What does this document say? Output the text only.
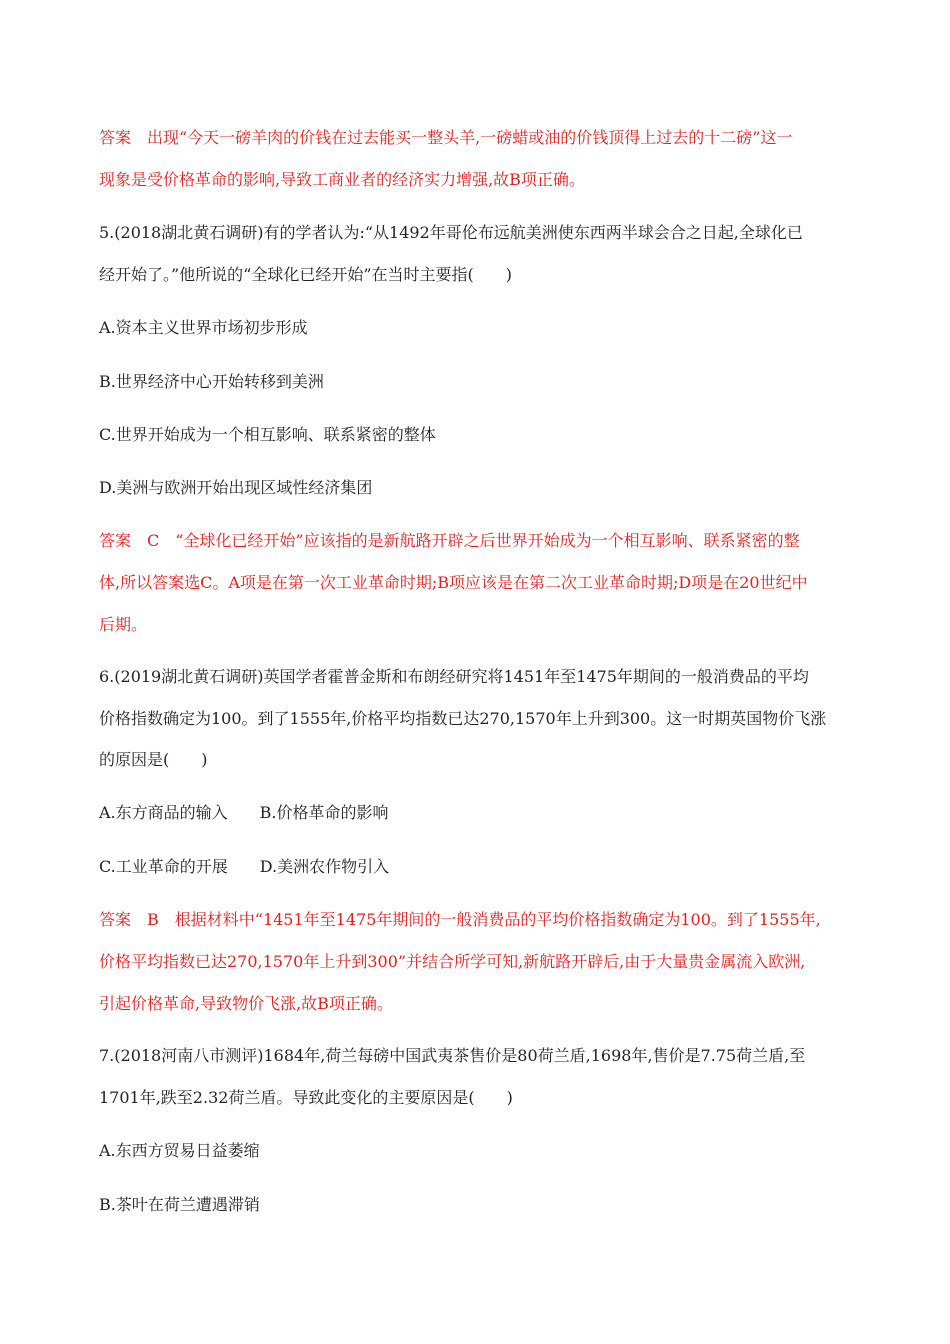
答案　出现“今天一磅羊肉的价钱在过去能买一整头羊,一磅蜡或油的价钱顶得上过去的十二磅”这一

现象是受价格革命的影响,导致工商业者的经济实力增强,故B项正确。

5.(2018湖北黄石调研)有的学者认为:“从1492年哥伦布远航美洲使东西两半球会合之日起,全球化已

经开始了。”他所说的“全球化已经开始”在当时主要指(　　)

A.资本主义世界市场初步形成

B.世界经济中心开始转移到美洲

C.世界开始成为一个相互影响、联系紧密的整体

D.美洲与欧洲开始出现区域性经济集团

答案　C　“全球化已经开始”应该指的是新航路开辟之后世界开始成为一个相互影响、联系紧密的整

体,所以答案选C。A项是在第一次工业革命时期;B项应该是在第二次工业革命时期;D项是在20世纪中

后期。

6.(2019湖北黄石调研)英国学者霍普金斯和布朗经研究将1451年至1475年期间的一般消费品的平均

价格指数确定为100。到了1555年,价格平均指数已达270,1570年上升到300。这一时期英国物价飞涨

的原因是(　　)

A.东方商品的输入　　B.价格革命的影响

C.工业革命的开展　　D.美洲农作物引入

答案　B　根据材料中“1451年至1475年期间的一般消费品的平均价格指数确定为100。到了1555年,

价格平均指数已达270,1570年上升到300”并结合所学可知,新航路开辟后,由于大量贵金属流入欧洲,

引起价格革命,导致物价飞涨,故B项正确。

7.(2018河南八市测评)1684年,荷兰每磅中国武夷茶售价是80荷兰盾,1698年,售价是7.75荷兰盾,至

1701年,跌至2.32荷兰盾。导致此变化的主要原因是(　　)

A.东西方贸易日益萎缩

B.茶叶在荷兰遭遇滞销
